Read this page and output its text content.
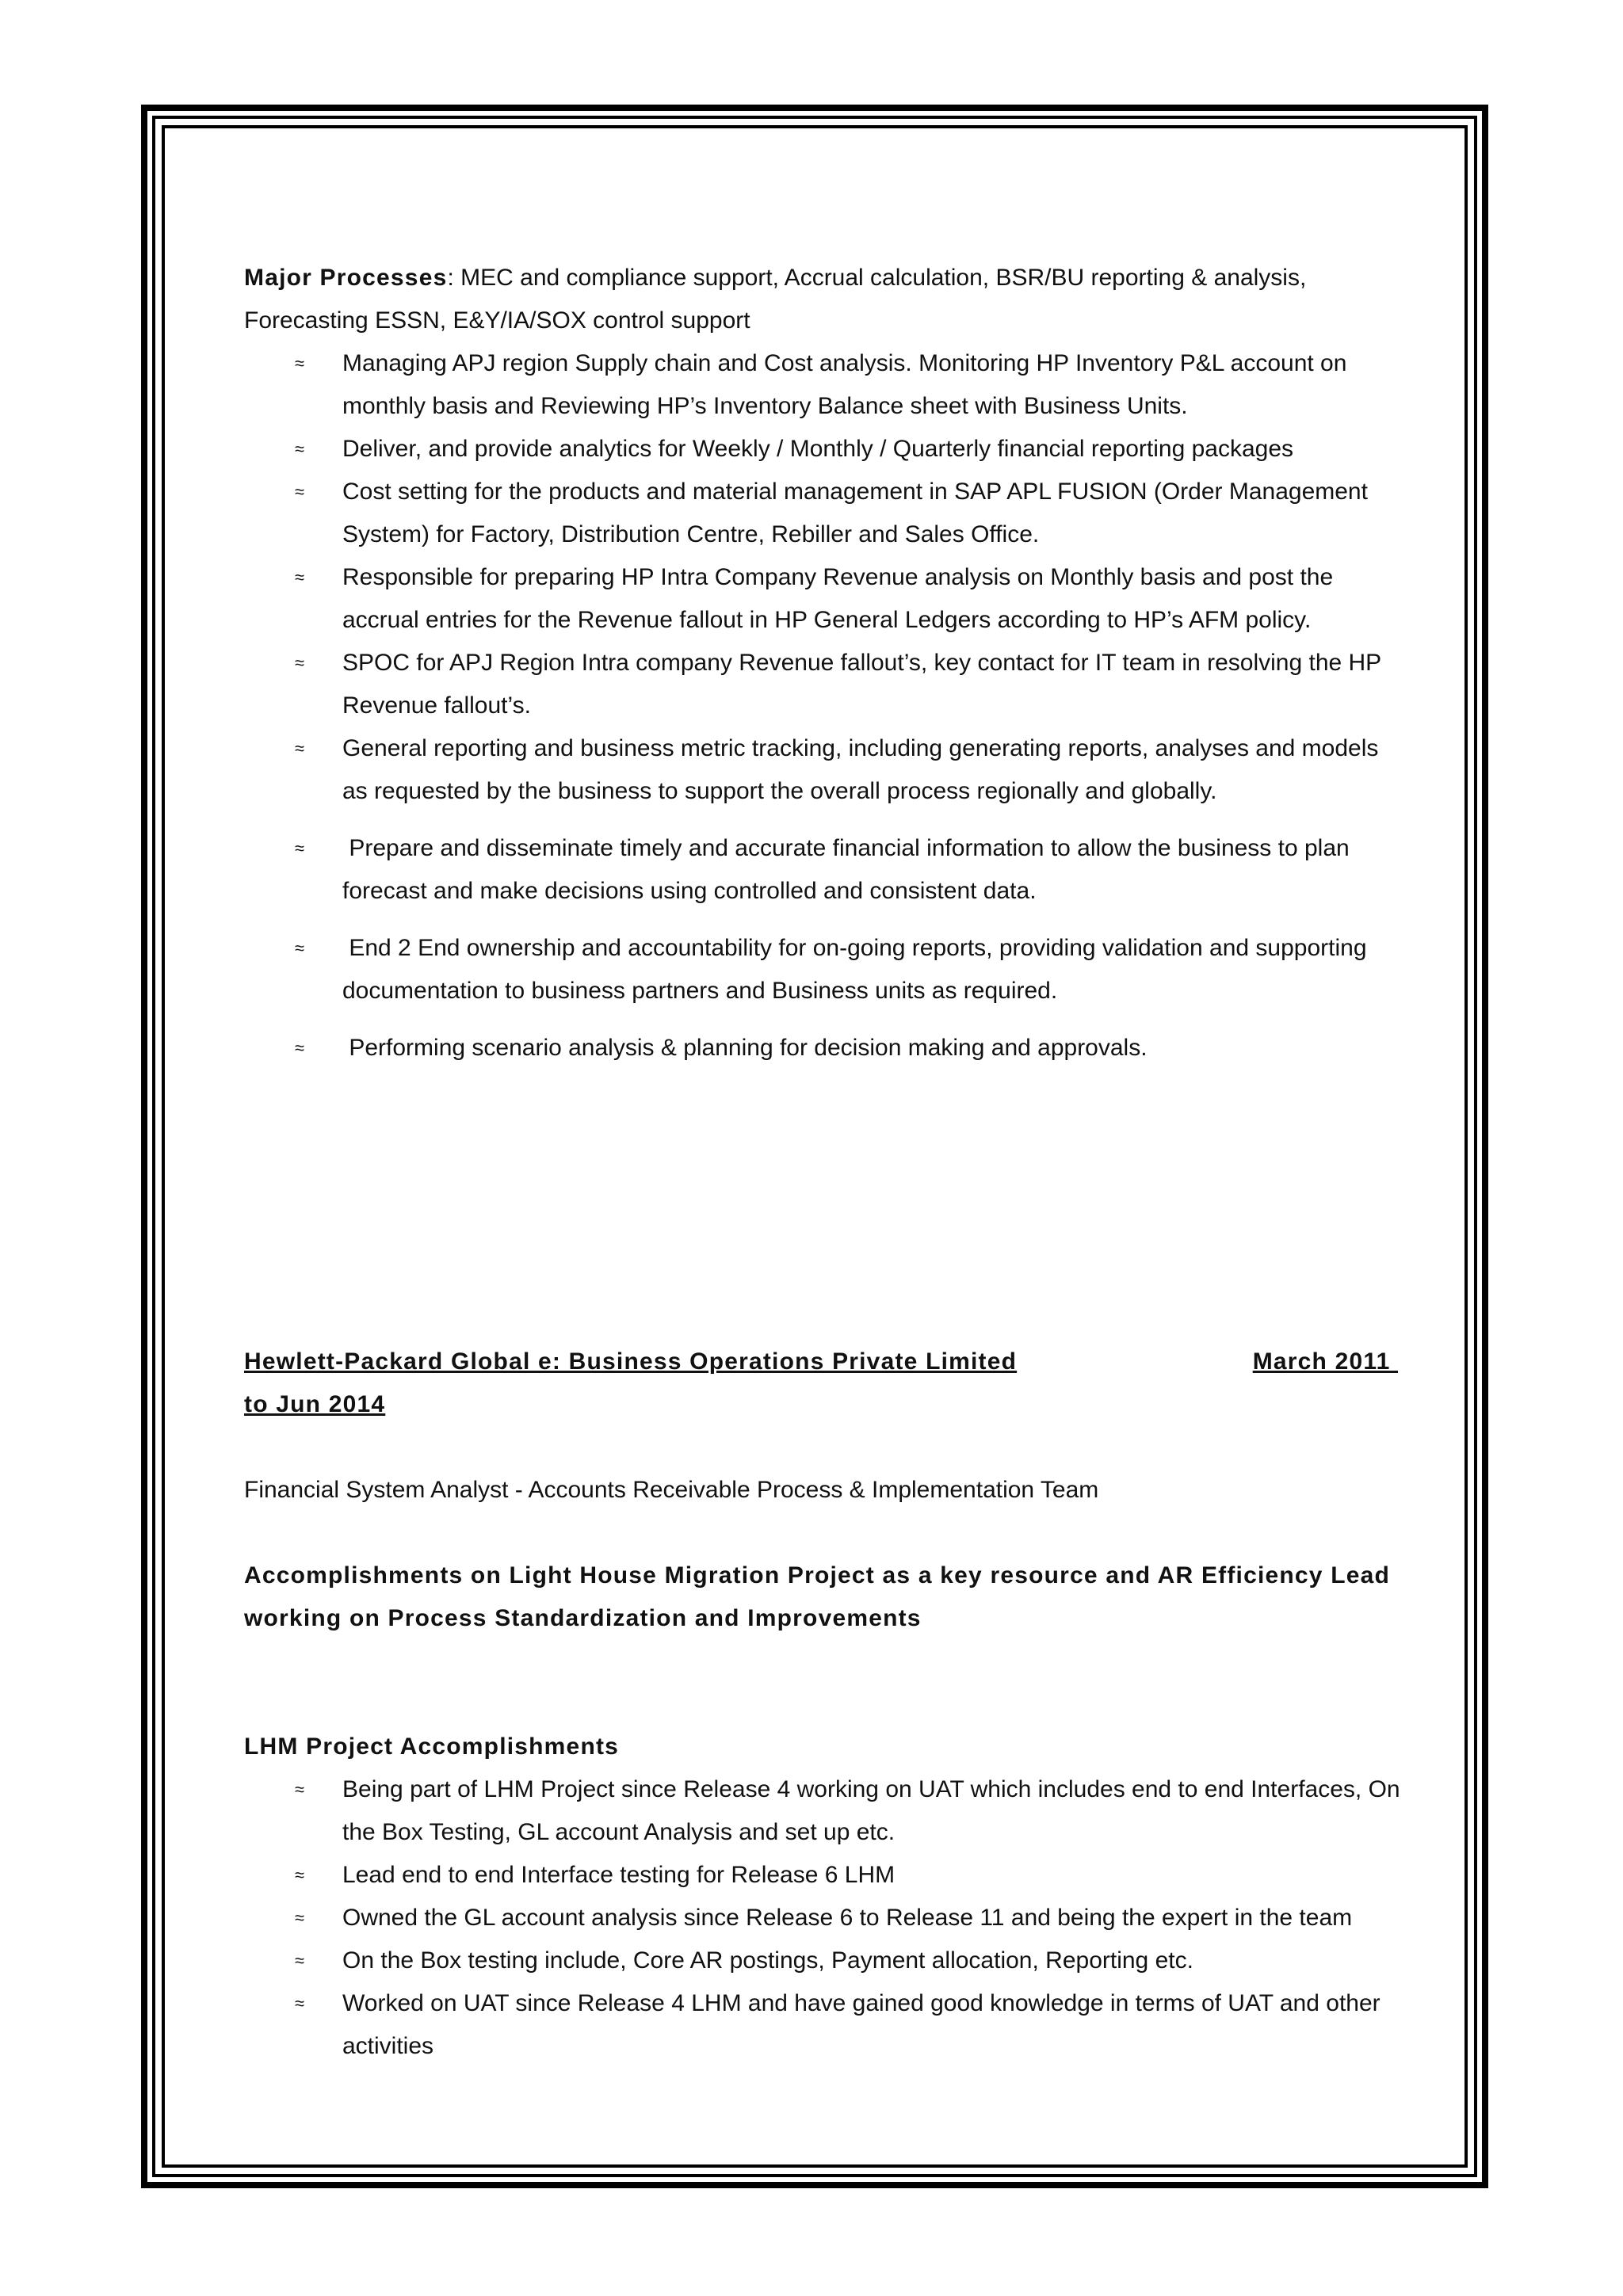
Major Processes: MEC and compliance support, Accrual calculation, BSR/BU reporting & analysis, Forecasting ESSN, E&Y/IA/SOX control support

≈ Managing APJ region Supply chain and Cost analysis. Monitoring HP Inventory P&L account on monthly basis and Reviewing HP’s Inventory Balance sheet with Business Units.
≈ Deliver, and provide analytics for Weekly / Monthly / Quarterly financial reporting packages
≈ Cost setting for the products and material management in SAP APL FUSION (Order Management System) for Factory, Distribution Centre, Rebiller and Sales Office.
≈ Responsible for preparing HP Intra Company Revenue analysis on Monthly basis and post the accrual entries for the Revenue fallout in HP General Ledgers according to HP’s AFM policy.
≈ SPOC for APJ Region Intra company Revenue fallout’s, key contact for IT team in resolving the HP Revenue fallout’s.
≈ General reporting and business metric tracking, including generating reports, analyses and models as requested by the business to support the overall process regionally and globally.
≈ Prepare and disseminate timely and accurate financial information to allow the business to plan forecast and make decisions using controlled and consistent data.
≈ End 2 End ownership and accountability for on-going reports, providing validation and supporting documentation to business partners and Business units as required.
≈ Performing scenario analysis & planning for decision making and approvals.
Hewlett-Packard Global e: Business Operations Private Limited	March 2011

to Jun 2014

Financial System Analyst - Accounts Receivable Process & Implementation Team

Accomplishments on Light House Migration Project as a key resource and AR Efficiency Lead working on Process Standardization and Improvements

LHM Project Accomplishments

≈ Being part of LHM Project since Release 4 working on UAT which includes end to end Interfaces, On the Box Testing, GL account Analysis and set up etc.
≈ Lead end to end Interface testing for Release 6 LHM
≈ Owned the GL account analysis since Release 6 to Release 11 and being the expert in the team
≈ On the Box testing include, Core AR postings, Payment allocation, Reporting etc.
≈ Worked on UAT since Release 4 LHM and have gained good knowledge in terms of UAT and other activities
